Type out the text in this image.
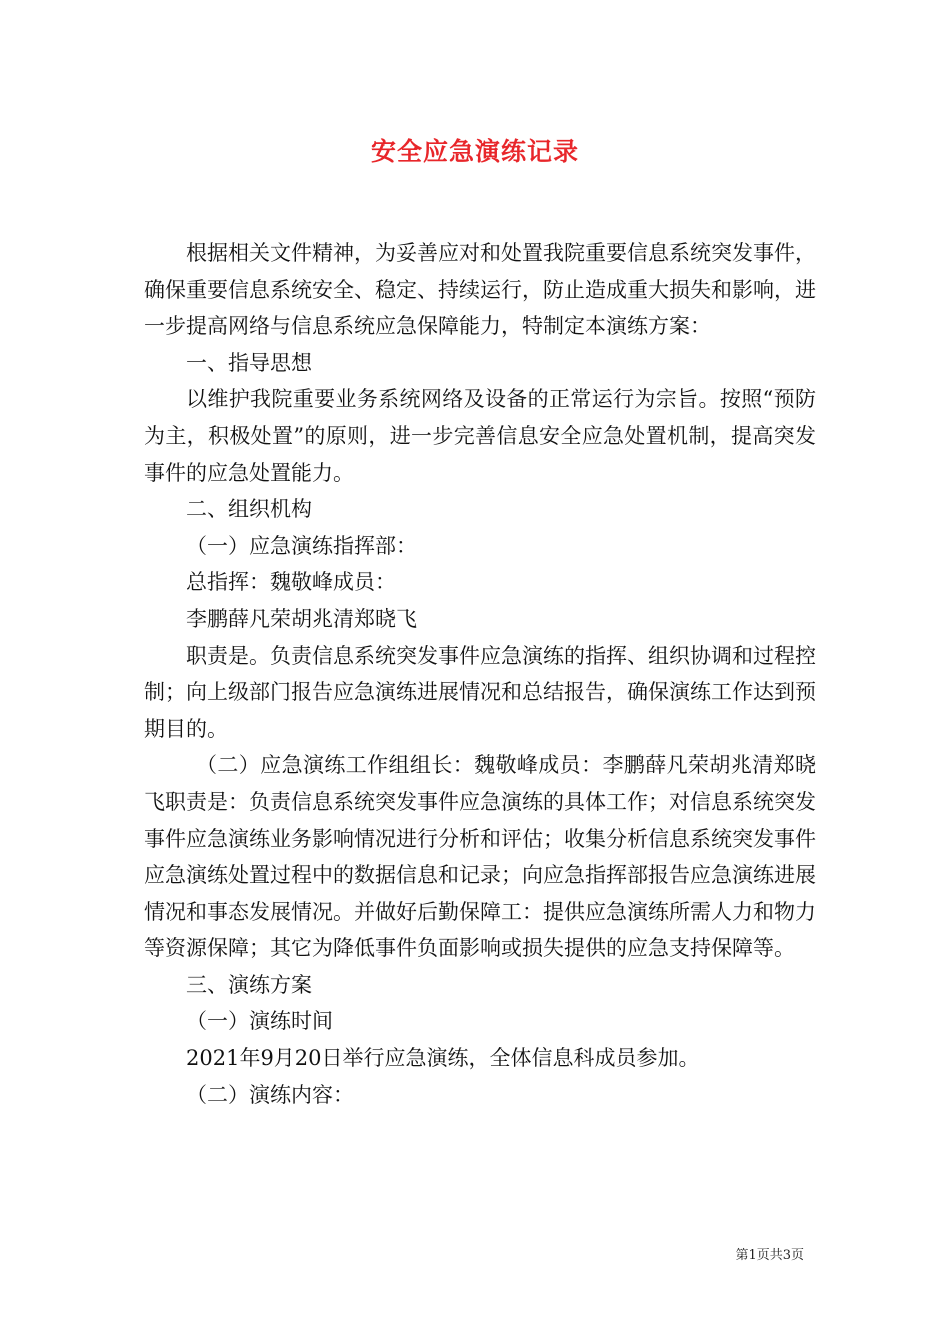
安全应急演练记录

根据相关文件精神，为妥善应对和处置我院重要信息系统突发事件，确保重要信息系统安全、稳定、持续运行，防止造成重大损失和影响，进一步提高网络与信息系统应急保障能力，特制定本演练方案：

一、指导思想

以维护我院重要业务系统网络及设备的正常运行为宗旨。按照“预防为主，积极处置”的原则，进一步完善信息安全应急处置机制，提高突发事件的应急处置能力。

二、组织机构

（一）应急演练指挥部：

总指挥：魏敬峰成员：

李鹏薛凡荣胡兆清郑晓飞

职责是。负责信息系统突发事件应急演练的指挥、组织协调和过程控制；向上级部门报告应急演练进展情况和总结报告，确保演练工作达到预期目的。

（二）应急演练工作组组长：魏敬峰成员：李鹏薛凡荣胡兆清郑晓飞职责是：负责信息系统突发事件应急演练的具体工作；对信息系统突发事件应急演练业务影响情况进行分析和评估；收集分析信息系统突发事件应急演练处置过程中的数据信息和记录；向应急指挥部报告应急演练进展情况和事态发展情况。并做好后勤保障工：提供应急演练所需人力和物力等资源保障；其它为降低事件负面影响或损失提供的应急支持保障等。

三、演练方案

（一）演练时间

2021年9月20日举行应急演练，全体信息科成员参加。

（二）演练内容：

第1页共3页
